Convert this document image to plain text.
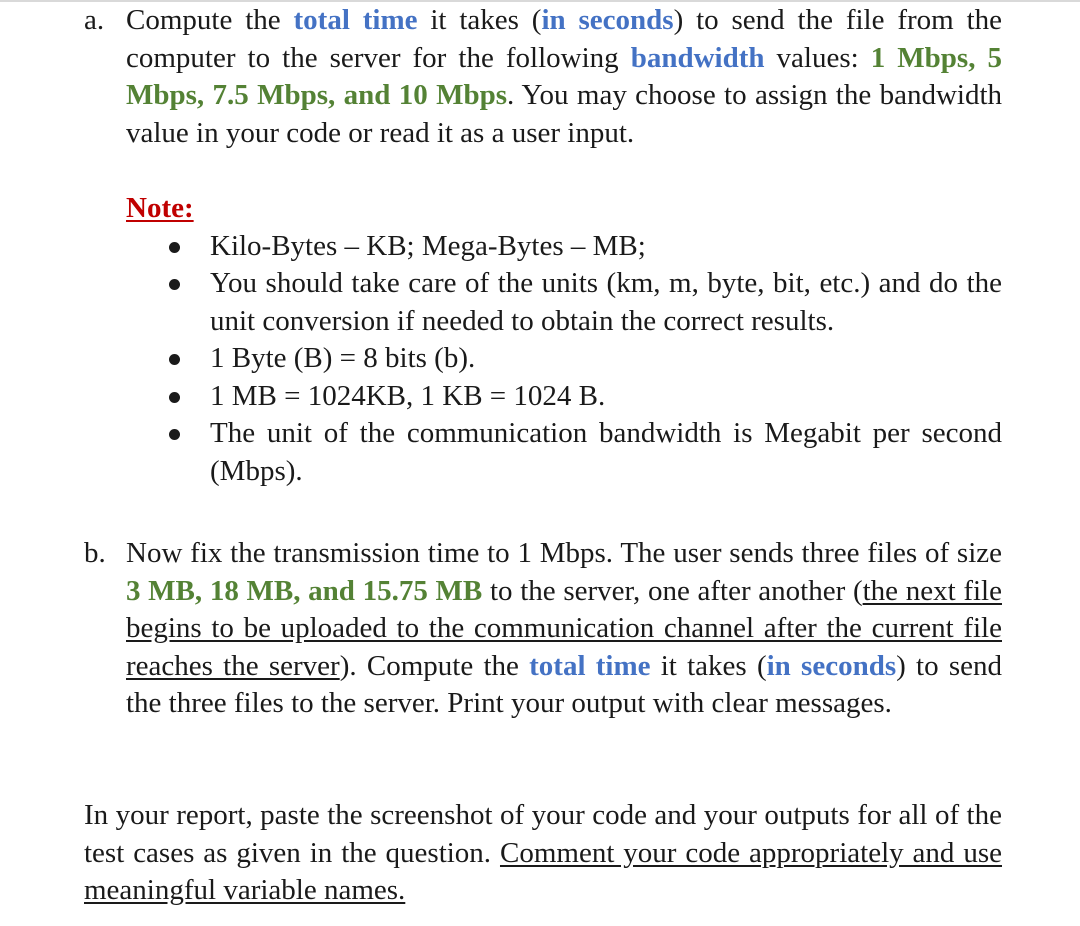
a. Compute the total time it takes (in seconds) to send the file from the computer to the server for the following bandwidth values: 1 Mbps, 5 Mbps, 7.5 Mbps, and 10 Mbps. You may choose to assign the bandwidth value in your code or read it as a user input.
Note:
Kilo-Bytes – KB; Mega-Bytes – MB;
You should take care of the units (km, m, byte, bit, etc.) and do the unit conversion if needed to obtain the correct results.
1 Byte (B) = 8 bits (b).
1 MB = 1024KB, 1 KB = 1024 B.
The unit of the communication bandwidth is Megabit per second (Mbps).
b. Now fix the transmission time to 1 Mbps. The user sends three files of size 3 MB, 18 MB, and 15.75 MB to the server, one after another (the next file begins to be uploaded to the communication channel after the current file reaches the server). Compute the total time it takes (in seconds) to send the three files to the server. Print your output with clear messages.
In your report, paste the screenshot of your code and your outputs for all of the test cases as given in the question. Comment your code appropriately and use meaningful variable names.
